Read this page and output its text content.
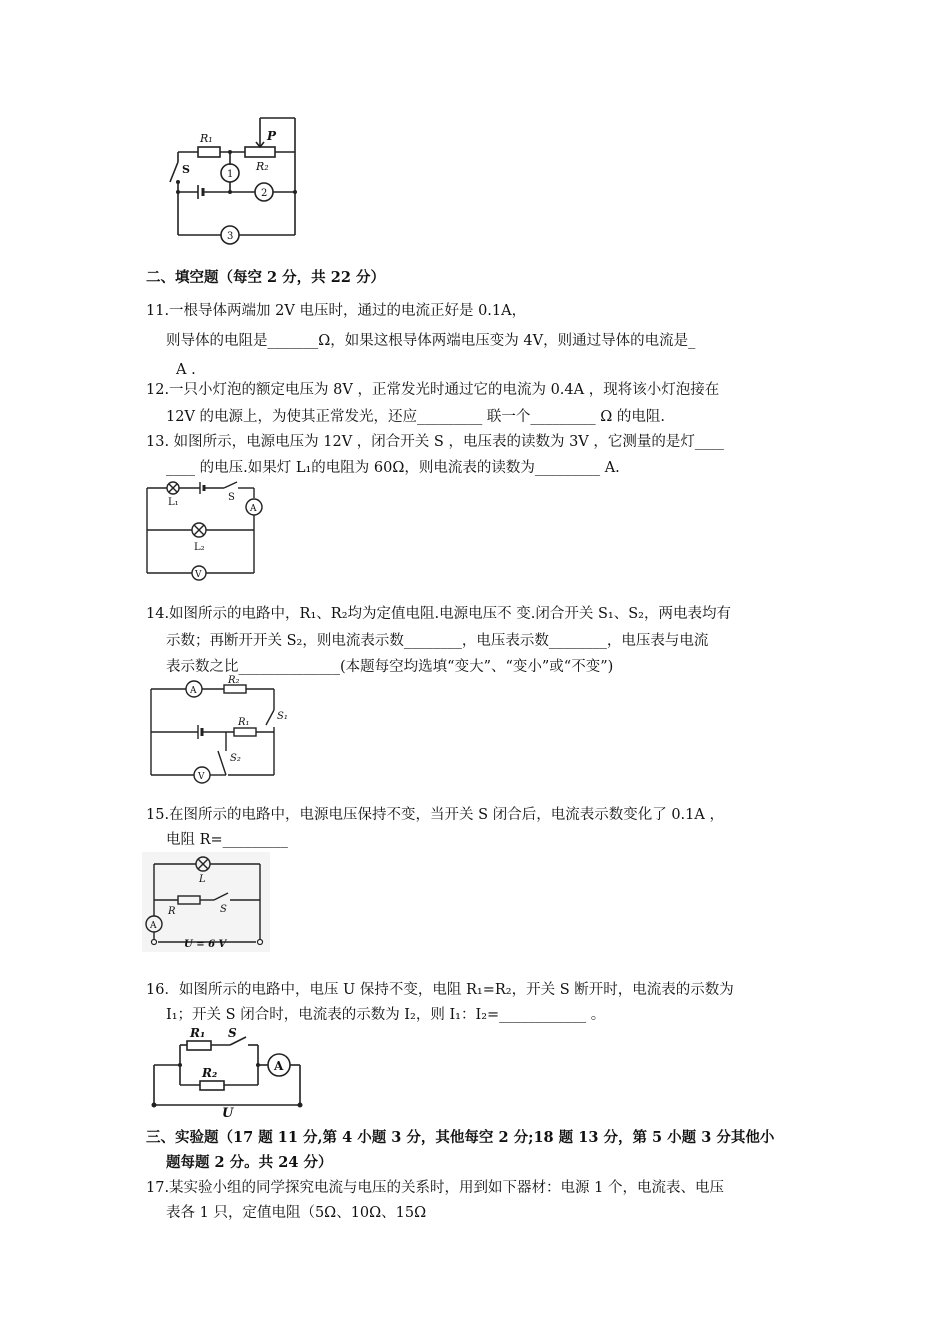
R₁
R₂
P
S	1
2
3
二、填空题（每空 2 分，共 22 分）
11.一根导体两端加 2V 电压时，通过的电流正好是 0.1A，
则导体的电阻是_______Ω，如果这根导体两端电压变为 4V，则通过导体的电流是_
A .
12.一只小灯泡的额定电压为 8V ，正常发光时通过它的电流为 0.4A ，现将该小灯泡接在
12V 的电源上，为使其正常发光，还应_________ 联一个_________ Ω 的电阻.
13. 如图所示，电源电压为 12V ，闭合开关 S ，电压表的读数为 3V ，它测量的是灯____
____ 的电压.如果灯 L₁的电阻为 60Ω，则电流表的读数为_________ A.
L₁
L₂
S
A
V
14.如图所示的电路中，R₁、R₂均为定值电阻.电源电压不 变.闭合开关 S₁、S₂，两电表均有
示数；再断开开关 S₂，则电流表示数________，电压表示数________，电压表与电流
表示数之比______________(本题每空均选填“变大”、“变小”或“不变”)
A
R₂
R₁
S₁
S₂
V
15.在图所示的电路中，电源电压保持不变，当开关 S 闭合后，电流表示数变化了 0.1A ，
电阻 R=_________
L
R	S
A
U = 6 V
16．如图所示的电路中，电压 U 保持不变，电阻 R₁=R₂，开关 S 断开时，电流表的示数为
I₁；开关 S 闭合时，电流表的示数为 I₂，则 I₁：I₂=____________ 。
R₁ S
R₂	A
U
三、实验题（17 题 11 分,第 4 小题 3 分，其他每空 2 分;18 题 13 分，第 5 小题 3 分其他小
题每题 2 分。共 24 分）
17.某实验小组的同学探究电流与电压的关系时，用到如下器材：电源 1 个，电流表、电压
表各 1 只，定值电阻（5Ω、10Ω、15Ω
